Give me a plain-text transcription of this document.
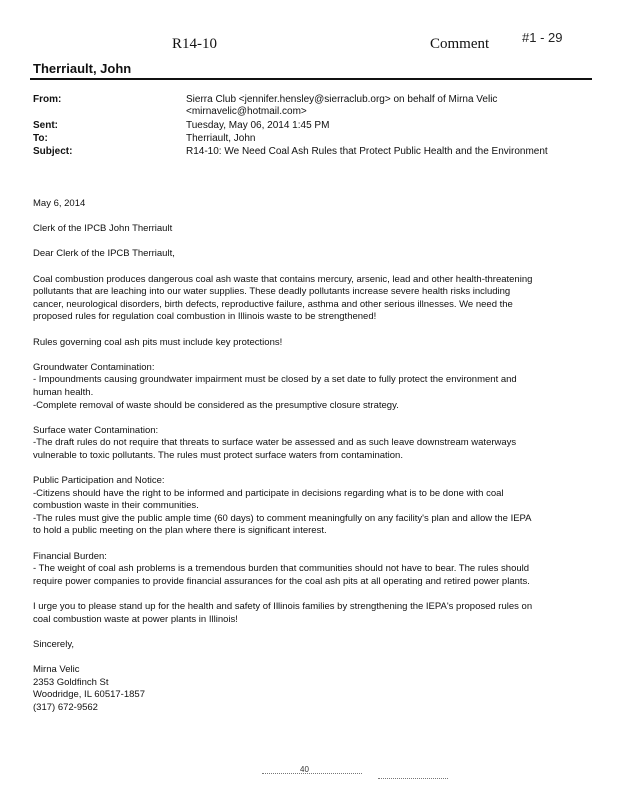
R14-10	Comment	#1 - 29
Therriault, John
From:	Sierra Club <jennifer.hensley@sierraclub.org> on behalf of Mirna Velic
<mirnavelic@hotmail.com>
Sent:	Tuesday, May 06, 2014 1:45 PM
To:	Therriault, John
Subject:	R14-10: We Need Coal Ash Rules that Protect Public Health and the Environment

May 6, 2014

Clerk of the IPCB John Therriault

Dear Clerk of the IPCB Therriault,

Coal combustion produces dangerous coal ash waste that contains mercury, arsenic, lead and other health-threatening
pollutants that are leaching into our water supplies. These deadly pollutants increase severe health risks including
cancer, neurological disorders, birth defects, reproductive failure, asthma and other serious illnesses. We need the
proposed rules for regulation coal combustion in Illinois waste to be strengthened!

Rules governing coal ash pits must include key protections!

Groundwater Contamination:
- Impoundments causing groundwater impairment must be closed by a set date to fully protect the environment and
human health.
-Complete removal of waste should be considered as the presumptive closure strategy.

Surface water Contamination:
-The draft rules do not require that threats to surface water be assessed and as such leave downstream waterways
vulnerable to toxic pollutants. The rules must protect surface waters from contamination.

Public Participation and Notice:
-Citizens should have the right to be informed and participate in decisions regarding what is to be done with coal
combustion waste in their communities.
-The rules must give the public ample time (60 days) to comment meaningfully on any facility's plan and allow the IEPA
to hold a public meeting on the plan where there is significant interest.

Financial Burden:
- The weight of coal ash problems is a tremendous burden that communities should not have to bear. The rules should
require power companies to provide financial assurances for the coal ash pits at all operating and retired power plants.

I urge you to please stand up for the health and safety of Illinois families by strengthening the IEPA's proposed rules on
coal combustion waste at power plants in Illinois!

Sincerely,

Mirna Velic
2353 Goldfinch St
Woodridge, IL 60517-1857
(317) 672-9562

40
